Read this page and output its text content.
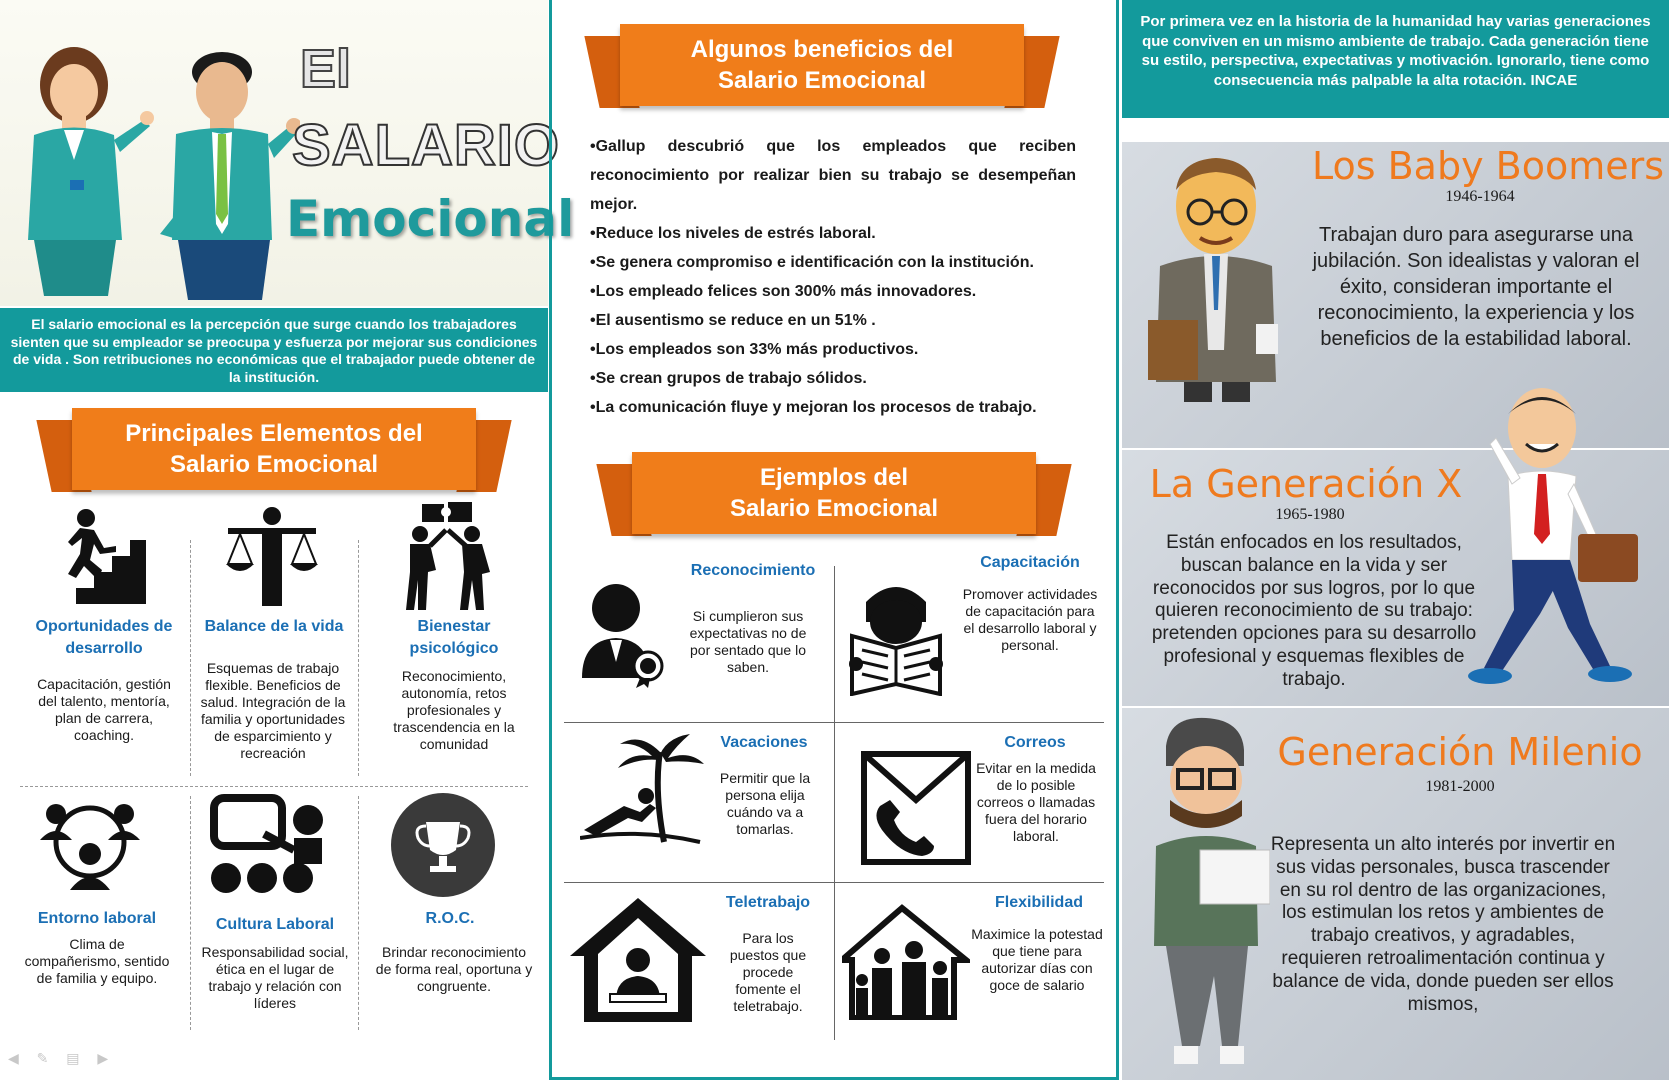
El
SALARIO
Emocional
El salario emocional es la percepción que surge cuando los trabajadores sienten que su empleador se preocupa y esfuerza por mejorar sus condiciones de vida . Son retribuciones no económicas que el trabajador puede obtener de la institución.
Principales Elementos del
Salario Emocional
Oportunidades de desarrollo
Capacitación, gestión del talento, mentoría, plan de carrera, coaching.
Balance de la vida
Esquemas de trabajo flexible. Beneficios de salud. Integración de la familia y oportunidades de esparcimiento y recreación
Bienestar psicológico
Reconocimiento, autonomía, retos profesionales y trascendencia en la comunidad
Entorno laboral
Clima de compañerismo, sentido de familia y equipo.
Cultura Laboral
Responsabilidad social, ética en el lugar de trabajo y relación con líderes
R.O.C.
Brindar reconocimiento de forma real, oportuna y congruente.
◀ ✎ ▤ ▶
Algunos beneficios del
Salario Emocional
•Gallup descubrió que los empleados que reciben reconocimiento por realizar bien su trabajo se desempeñan mejor.
•Reduce los niveles de estrés laboral.
•Se genera compromiso e identificación con la institución.
•Los empleado felices son 300% más innovadores.
•El ausentismo se reduce en un 51% .
•Los empleados son 33% más productivos.
•Se crean grupos de trabajo sólidos.
•La comunicación fluye y mejoran los procesos de trabajo.
Ejemplos del
Salario Emocional
Reconocimiento
Si cumplieron sus expectativas no de por sentado que lo saben.
Capacitación
Promover actividades de capacitación para el desarrollo laboral y personal.
Vacaciones
Permitir que la persona elija cuándo va a tomarlas.
Correos
Evitar en la medida de lo posible correos o llamadas fuera del horario laboral.
Teletrabajo
Para los puestos que procede fomente el teletrabajo.
Flexibilidad
Maximice la potestad que tiene para autorizar días con goce de salario
Por primera vez en la historia de la humanidad hay varias generaciones que conviven en un mismo ambiente de trabajo. Cada generación tiene su estilo, perspectiva, expectativas y motivación. Ignorarlo, tiene como consecuencia más palpable la alta rotación. INCAE
Los Baby Boomers
1946-1964
Trabajan duro para asegurarse una jubilación. Son idealistas y valoran el éxito, consideran importante el reconocimiento, la experiencia y los beneficios de la estabilidad laboral.
La Generación X
1965-1980
Están enfocados en los resultados, buscan balance en la vida y ser reconocidos por sus logros, por lo que quieren reconocimiento de su trabajo: pretenden opciones para su desarrollo profesional y esquemas flexibles de trabajo.
Generación Milenio
1981-2000
Representa un alto interés por invertir en sus vidas personales, busca trascender en su rol dentro de las organizaciones, los estimulan los retos y ambientes de trabajo creativos, y agradables, requieren retroalimentación continua y balance de vida, donde pueden ser ellos mismos,
